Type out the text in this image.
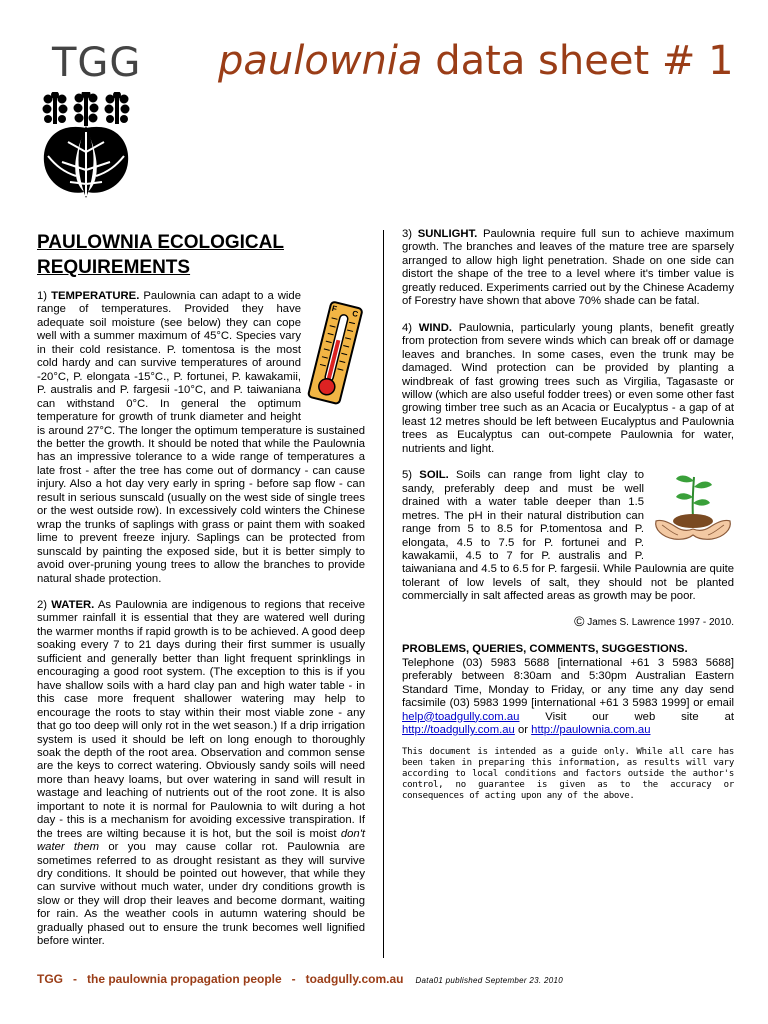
TGG paulownia data sheet # 1
PAULOWNIA ECOLOGICAL
REQUIREMENTS

F
C
1) TEMPERATURE. Paulownia can adapt to a wide range of temperatures. Provided they have adequate soil moisture (see below) they can cope well with a summer maximum of 45°C. Species vary in their cold resistance. P. tomentosa is the most cold hardy and can survive temperatures of around -20°C, P. elongata -15°C., P. fortunei, P. kawakamii, P. australis and P. fargesii -10°C, and P. taiwaniana can withstand 0°C. In general the optimum temperature for growth of trunk diameter and height is around 27°C. The longer the optimum temperature is sustained the better the growth. It should be noted that while the Paulownia has an impressive tolerance to a wide range of temperatures a late frost - after the tree has come out of dormancy - can cause injury. Also a hot day very early in spring - before sap flow - can result in serious sunscald (usually on the west side of single trees or the west outside row). In excessively cold winters the Chinese wrap the trunks of saplings with grass or paint them with soaked lime to prevent freeze injury. Saplings can be protected from sunscald by painting the exposed side, but it is better simply to avoid over-pruning young trees to allow the branches to provide natural shade protection.

2) WATER. As Paulownia are indigenous to regions that receive summer rainfall it is essential that they are watered well during the warmer months if rapid growth is to be achieved. A good deep soaking every 7 to 21 days during their first summer is usually sufficient and generally better than light frequent sprinklings in encouraging a good root system. (The exception to this is if you have shallow soils with a hard clay pan and high water table - in this case more frequent shallower watering may help to encourage the roots to stay within their most viable zone - any that go too deep will only rot in the wet season.) If a drip irrigation system is used it should be left on long enough to thoroughly soak the depth of the root area. Observation and common sense are the keys to correct watering. Obviously sandy soils will need more than heavy loams, but over watering in sand will result in wastage and leaching of nutrients out of the root zone. It is also important to note it is normal for Paulownia to wilt during a hot day - this is a mechanism for avoiding excessive transpiration. If the trees are wilting because it is hot, but the soil is moist don't water them or you may cause collar rot. Paulownia are sometimes referred to as drought resistant as they will survive dry conditions. It should be pointed out however, that while they can survive without much water, under dry conditions growth is slow or they will drop their leaves and become dormant, waiting for rain. As the weather cools in autumn watering should be gradually phased out to ensure the trunk becomes well lignified before winter.

3) SUNLIGHT. Paulownia require full sun to achieve maximum growth. The branches and leaves of the mature tree are sparsely arranged to allow high light penetration. Shade on one side can distort the shape of the tree to a level where it's timber value is greatly reduced. Experiments carried out by the Chinese Academy of Forestry have shown that above 70% shade can be fatal.

4) WIND. Paulownia, particularly young plants, benefit greatly from protection from severe winds which can break off or damage leaves and branches. In some cases, even the trunk may be damaged. Wind protection can be provided by planting a windbreak of fast growing trees such as Virgilia, Tagasaste or willow (which are also useful fodder trees) or even some other fast growing timber tree such as an Acacia or Eucalyptus - a gap of at least 12 metres should be left between Eucalyptus and Paulownia trees as Eucalyptus can out-compete Paulownia for water, nutrients and light.

5) SOIL. Soils can range from light clay to sandy, preferably deep and must be well drained with a water table deeper than 1.5 metres. The pH in their natural distribution can range from 5 to 8.5 for P.tomentosa and P. elongata, 4.5 to 7.5 for P. fortunei and P. kawakamii, 4.5 to 7 for P. australis and P. taiwaniana and 4.5 to 6.5 for P. fargesii. While Paulownia are quite tolerant of low levels of salt, they should not be planted commercially in salt affected areas as growth may be poor.

© James S. Lawrence 1997 - 2010.
PROBLEMS, QUERIES, COMMENTS, SUGGESTIONS.

Telephone (03) 5983 5688 [international +61 3 5983 5688] preferably between 8:30am and 5:30pm Australian Eastern Standard Time, Monday to Friday, or any time any day send facsimile (03) 5983 1999 [international +61 3 5983 1999] or email help@toadgully.com.au Visit our web site at http://toadgully.com.au or http://paulownia.com.au

This document is intended as a guide only. While all care has been taken in preparing this information, as results will vary according to local conditions and factors outside the author's control, no guarantee is given as to the accuracy or consequences of acting upon any of the above.
TGG - the paulownia propagation people - toadgully.com.au Data01 published September 23. 2010
